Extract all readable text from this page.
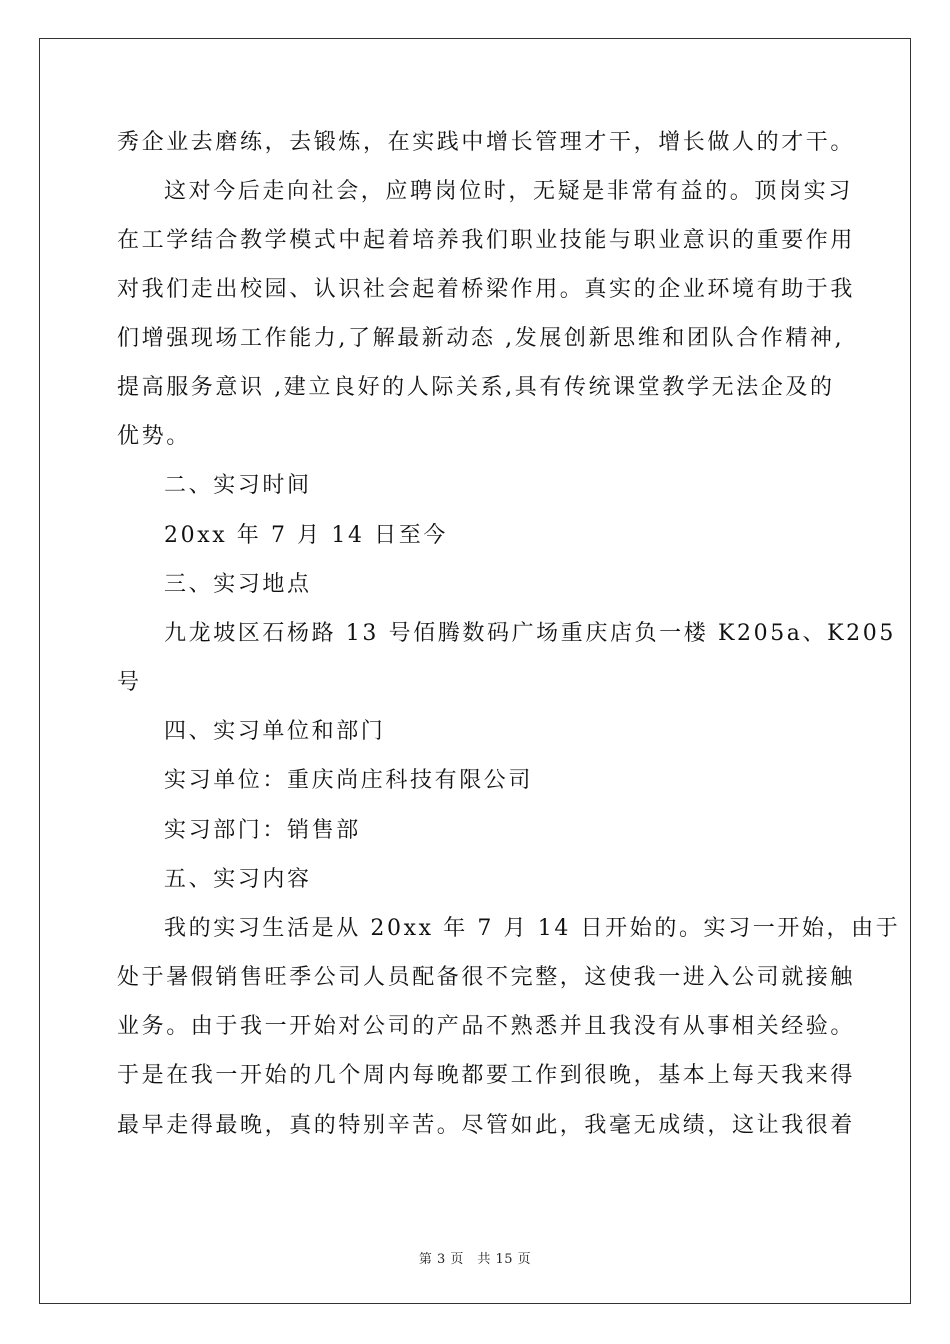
秀企业去磨练，去锻炼，在实践中增长管理才干，增长做人的才干。
这对今后走向社会，应聘岗位时，无疑是非常有益的。顶岗实习
在工学结合教学模式中起着培养我们职业技能与职业意识的重要作用
对我们走出校园、认识社会起着桥梁作用。真实的企业环境有助于我
们增强现场工作能力,了解最新动态 ,发展创新思维和团队合作精神,
提高服务意识 ,建立良好的人际关系,具有传统课堂教学无法企及的
优势。
二、实习时间
20xx 年 7 月 14 日至今
三、实习地点
九龙坡区石杨路 13 号佰腾数码广场重庆店负一楼 K205a、K205
号
四、实习单位和部门
实习单位：重庆尚庄科技有限公司
实习部门：销售部
五、实习内容
我的实习生活是从 20xx 年 7 月 14 日开始的。实习一开始，由于
处于暑假销售旺季公司人员配备很不完整，这使我一进入公司就接触
业务。由于我一开始对公司的产品不熟悉并且我没有从事相关经验。
于是在我一开始的几个周内每晚都要工作到很晚，基本上每天我来得
最早走得最晚，真的特别辛苦。尽管如此，我毫无成绩，这让我很着
第 3 页　共 15 页
